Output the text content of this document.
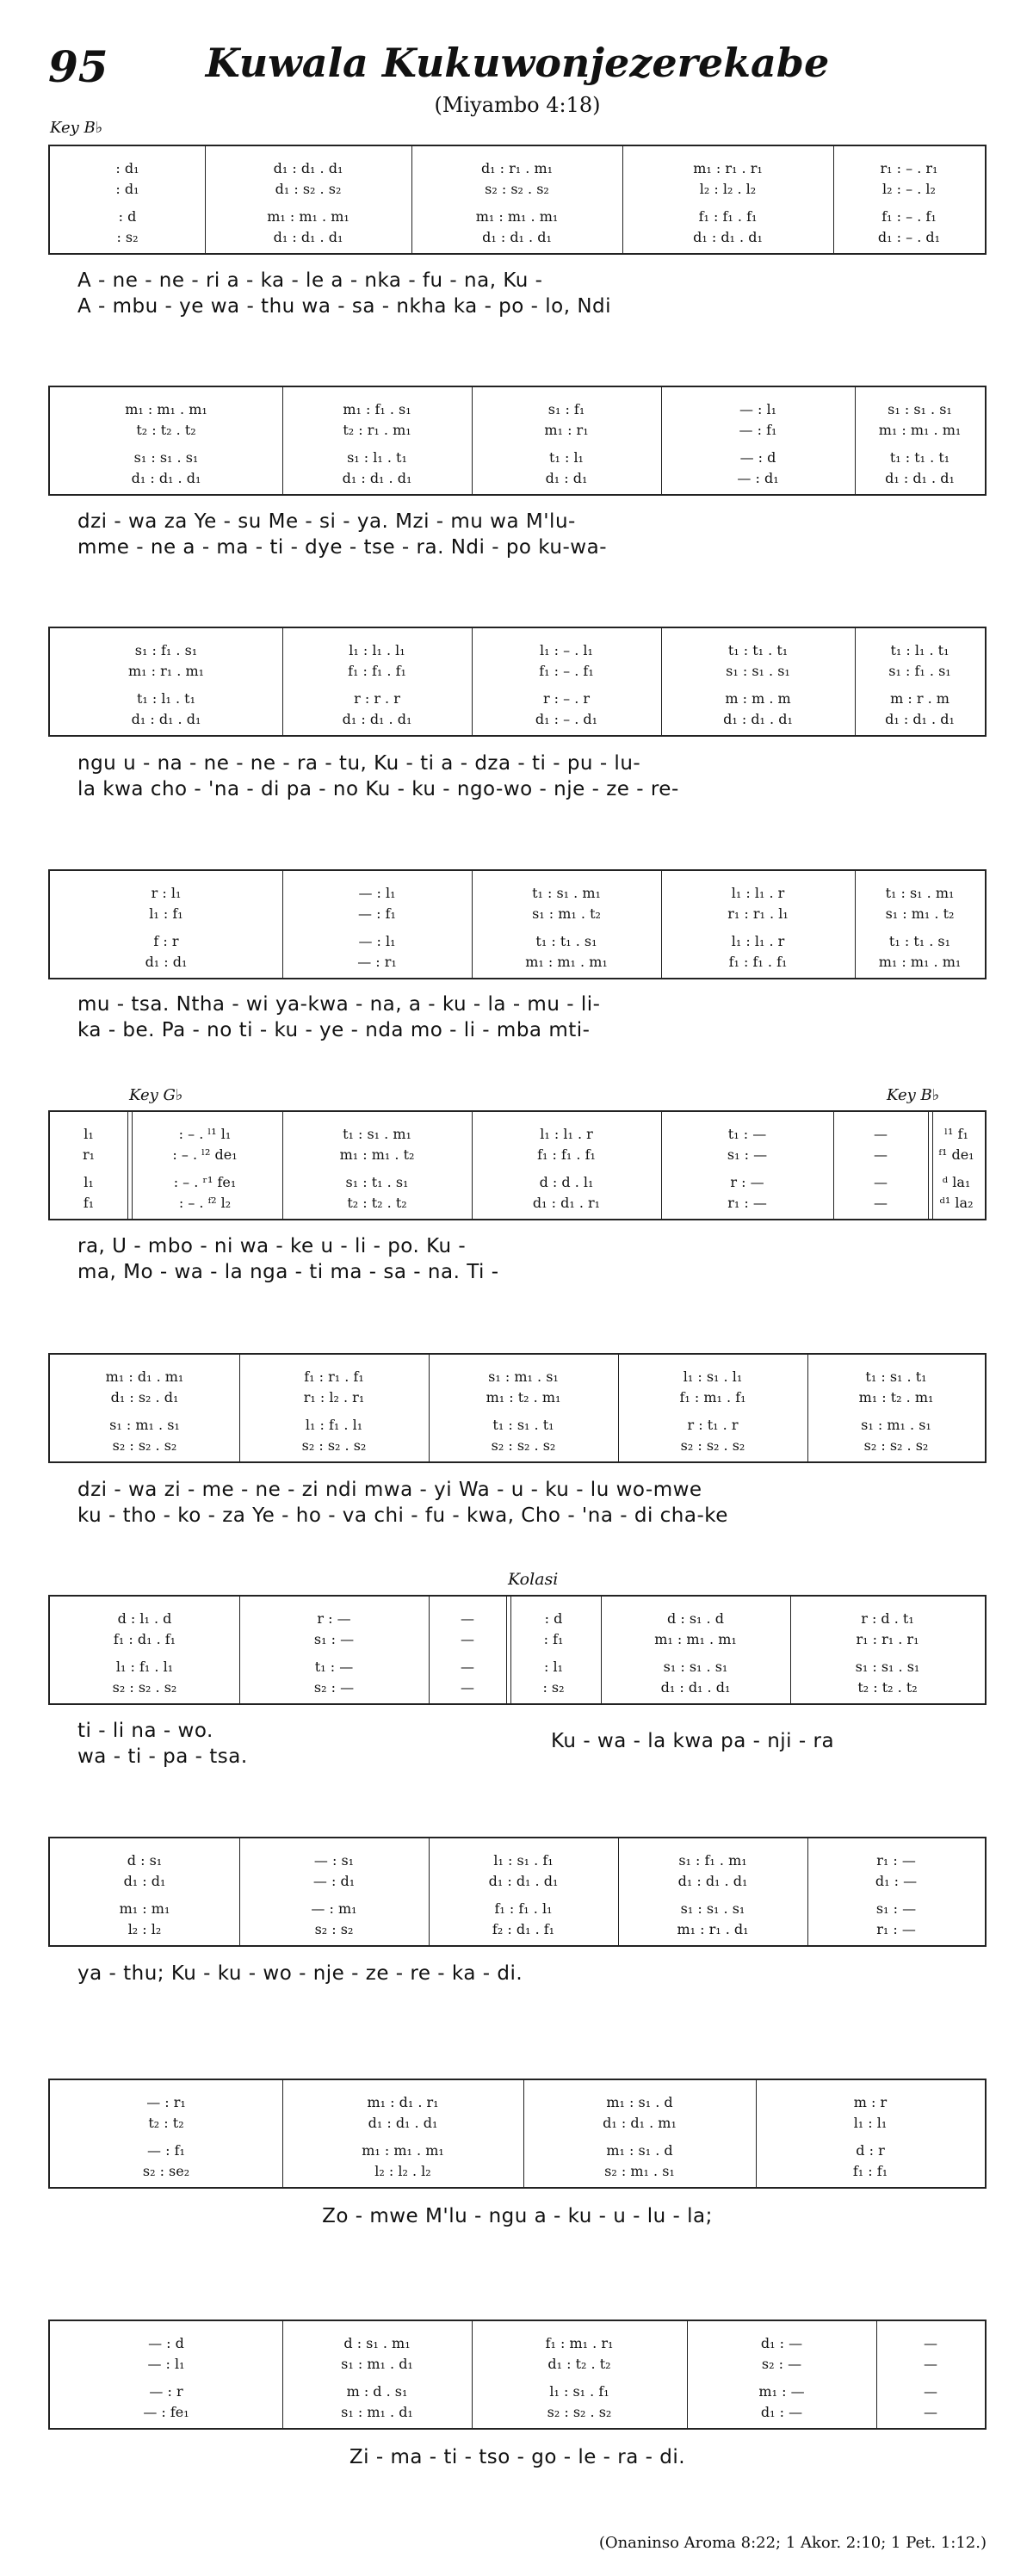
95	Kuwala Kukuwonjezerekabe
(Miyambo 4:18)
Key B♭
: d₁	d₁ : d₁ . d₁	d₁ : r₁ . m₁	m₁ : r₁ . r₁	r₁ : – . r₁
: d₁	d₁ : s₂ . s₂	s₂ : s₂ . s₂	l₂ : l₂ . l₂	l₂ : – . l₂
: d	m₁ : m₁ . m₁	m₁ : m₁ . m₁	f₁ : f₁ . f₁	f₁ : – . f₁
: s₂	d₁ : d₁ . d₁	d₁ : d₁ . d₁	d₁ : d₁ . d₁	d₁ : – . d₁
A - ne - ne - ri a - ka - le a - nka - fu - na, Ku -
A - mbu - ye wa - thu wa - sa - nkha ka - po - lo, Ndi
m₁ : m₁ . m₁	m₁ : f₁ . s₁	s₁ : f₁	— : l₁	s₁ : s₁ . s₁
t₂ : t₂ . t₂	t₂ : r₁ . m₁	m₁ : r₁	— : f₁	m₁ : m₁ . m₁
s₁ : s₁ . s₁	s₁ : l₁ . t₁	t₁ : l₁	— : d	t₁ : t₁ . t₁
d₁ : d₁ . d₁	d₁ : d₁ . d₁	d₁ : d₁	— : d₁	d₁ : d₁ . d₁
dzi - wa za Ye - su Me - si - ya. Mzi - mu wa M'lu-
mme - ne a - ma - ti - dye - tse - ra. Ndi - po ku-wa-
s₁ : f₁ . s₁	l₁ : l₁ . l₁	l₁ : – . l₁	t₁ : t₁ . t₁	t₁ : l₁ . t₁
m₁ : r₁ . m₁	f₁ : f₁ . f₁	f₁ : – . f₁	s₁ : s₁ . s₁	s₁ : f₁ . s₁
t₁ : l₁ . t₁	r : r . r	r : – . r	m : m . m	m : r . m
d₁ : d₁ . d₁	d₁ : d₁ . d₁	d₁ : – . d₁	d₁ : d₁ . d₁	d₁ : d₁ . d₁
ngu u - na - ne - ne - ra - tu, Ku - ti a - dza - ti - pu - lu-
la kwa cho - 'na - di pa - no Ku - ku - ngo-wo - nje - ze - re-
r : l₁	— : l₁	t₁ : s₁ . m₁	l₁ : l₁ . r	t₁ : s₁ . m₁
l₁ : f₁	— : f₁	s₁ : m₁ . t₂	r₁ : r₁ . l₁	s₁ : m₁ . t₂
f : r	— : l₁	t₁ : t₁ . s₁	l₁ : l₁ . r	t₁ : t₁ . s₁
d₁ : d₁	— : r₁	m₁ : m₁ . m₁	f₁ : f₁ . f₁	m₁ : m₁ . m₁
mu - tsa. Ntha - wi ya-kwa - na, a - ku - la - mu - li-
ka - be. Pa - no ti - ku - ye - nda mo - li - mba mti-
l₁	: – . ˡ¹ l₁	t₁ : s₁ . m₁	l₁ : l₁ . r	t₁ : —	—	ˡ¹ f₁
r₁	: – . ˡ² de₁	m₁ : m₁ . t₂	f₁ : f₁ . f₁	s₁ : —	—	ᶠ¹ de₁
l₁	: – . ʳ¹ fe₁	s₁ : t₁ . s₁	d : d . l₁	r : —	—	ᵈ la₁
f₁	: – . ᶠ² l₂	t₂ : t₂ . t₂	d₁ : d₁ . r₁	r₁ : —	—	ᵈ¹ la₂
ra, U - mbo - ni wa - ke u - li - po. Ku -
ma, Mo - wa - la nga - ti ma - sa - na. Ti -
m₁ : d₁ . m₁	f₁ : r₁ . f₁	s₁ : m₁ . s₁	l₁ : s₁ . l₁	t₁ : s₁ . t₁
d₁ : s₂ . d₁	r₁ : l₂ . r₁	m₁ : t₂ . m₁	f₁ : m₁ . f₁	m₁ : t₂ . m₁
s₁ : m₁ . s₁	l₁ : f₁ . l₁	t₁ : s₁ . t₁	r : t₁ . r	s₁ : m₁ . s₁
s₂ : s₂ . s₂	s₂ : s₂ . s₂	s₂ : s₂ . s₂	s₂ : s₂ . s₂	s₂ : s₂ . s₂
dzi - wa zi - me - ne - zi ndi mwa - yi Wa - u - ku - lu wo-mwe
ku - tho - ko - za Ye - ho - va chi - fu - kwa, Cho - 'na - di cha-ke
d : l₁ . d	r : —	—	: d	d : s₁ . d	r : d . t₁
f₁ : d₁ . f₁	s₁ : —	—	: f₁	m₁ : m₁ . m₁	r₁ : r₁ . r₁
l₁ : f₁ . l₁	t₁ : —	—	: l₁	s₁ : s₁ . s₁	s₁ : s₁ . s₁
s₂ : s₂ . s₂	s₂ : —	—	: s₂	d₁ : d₁ . d₁	t₂ : t₂ . t₂
ti - li na - wo.
wa - ti - pa - tsa.
Ku - wa - la kwa pa - nji - ra
d : s₁	— : s₁	l₁ : s₁ . f₁	s₁ : f₁ . m₁	r₁ : —
d₁ : d₁	— : d₁	d₁ : d₁ . d₁	d₁ : d₁ . d₁	d₁ : —
m₁ : m₁	— : m₁	f₁ : f₁ . l₁	s₁ : s₁ . s₁	s₁ : —
l₂ : l₂	s₂ : s₂	f₂ : d₁ . f₁	m₁ : r₁ . d₁	r₁ : —
ya - thu; Ku - ku - wo - nje - ze - re - ka - di.
— : r₁	m₁ : d₁ . r₁	m₁ : s₁ . d	m : r
t₂ : t₂	d₁ : d₁ . d₁	d₁ : d₁ . m₁	l₁ : l₁
— : f₁	m₁ : m₁ . m₁	m₁ : s₁ . d	d : r
s₂ : se₂	l₂ : l₂ . l₂	s₂ : m₁ . s₁	f₁ : f₁
Zo - mwe M'lu - ngu a - ku - u - lu - la;
— : d	d : s₁ . m₁	f₁ : m₁ . r₁	d₁ : —	—
— : l₁	s₁ : m₁ . d₁	d₁ : t₂ . t₂	s₂ : —	—
— : r	m : d . s₁	l₁ : s₁ . f₁	m₁ : —	—
— : fe₁	s₁ : m₁ . d₁	s₂ : s₂ . s₂	d₁ : —	—
Zi - ma - ti - tso - go - le - ra - di.
(Onaninso Aroma 8:22; 1 Akor. 2:10; 1 Pet. 1:12.)
Key G♭	Key B♭
Kolasi
